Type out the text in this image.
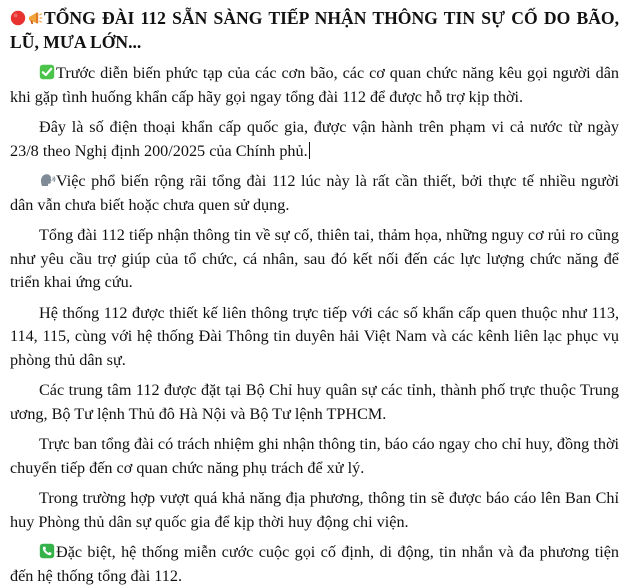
TỔNG ĐÀI 112 SẴN SÀNG TIẾP NHẬN THÔNG TIN SỰ CỐ DO BÃO, LŨ, MƯA LỚN...

Trước diễn biến phức tạp của các cơn bão, các cơ quan chức năng kêu gọi người dân khi gặp tình huống khẩn cấp hãy gọi ngay tổng đài 112 để được hỗ trợ kịp thời.

Đây là số điện thoại khẩn cấp quốc gia, được vận hành trên phạm vi cả nước từ ngày 23/8 theo Nghị định 200/2025 của Chính phủ.

Việc phổ biến rộng rãi tổng đài 112 lúc này là rất cần thiết, bởi thực tế nhiều người dân vẫn chưa biết hoặc chưa quen sử dụng.

Tổng đài 112 tiếp nhận thông tin về sự cố, thiên tai, thảm họa, những nguy cơ rủi ro cũng như yêu cầu trợ giúp của tổ chức, cá nhân, sau đó kết nối đến các lực lượng chức năng để triển khai ứng cứu.

Hệ thống 112 được thiết kế liên thông trực tiếp với các số khẩn cấp quen thuộc như 113, 114, 115, cùng với hệ thống Đài Thông tin duyên hải Việt Nam và các kênh liên lạc phục vụ phòng thủ dân sự.

Các trung tâm 112 được đặt tại Bộ Chỉ huy quân sự các tỉnh, thành phố trực thuộc Trung ương, Bộ Tư lệnh Thủ đô Hà Nội và Bộ Tư lệnh TPHCM.

Trực ban tổng đài có trách nhiệm ghi nhận thông tin, báo cáo ngay cho chỉ huy, đồng thời chuyển tiếp đến cơ quan chức năng phụ trách để xử lý.

Trong trường hợp vượt quá khả năng địa phương, thông tin sẽ được báo cáo lên Ban Chỉ huy Phòng thủ dân sự quốc gia để kịp thời huy động chi viện.

Đặc biệt, hệ thống miễn cước cuộc gọi cố định, di động, tin nhắn và đa phương tiện đến hệ thống tổng đài 112.
